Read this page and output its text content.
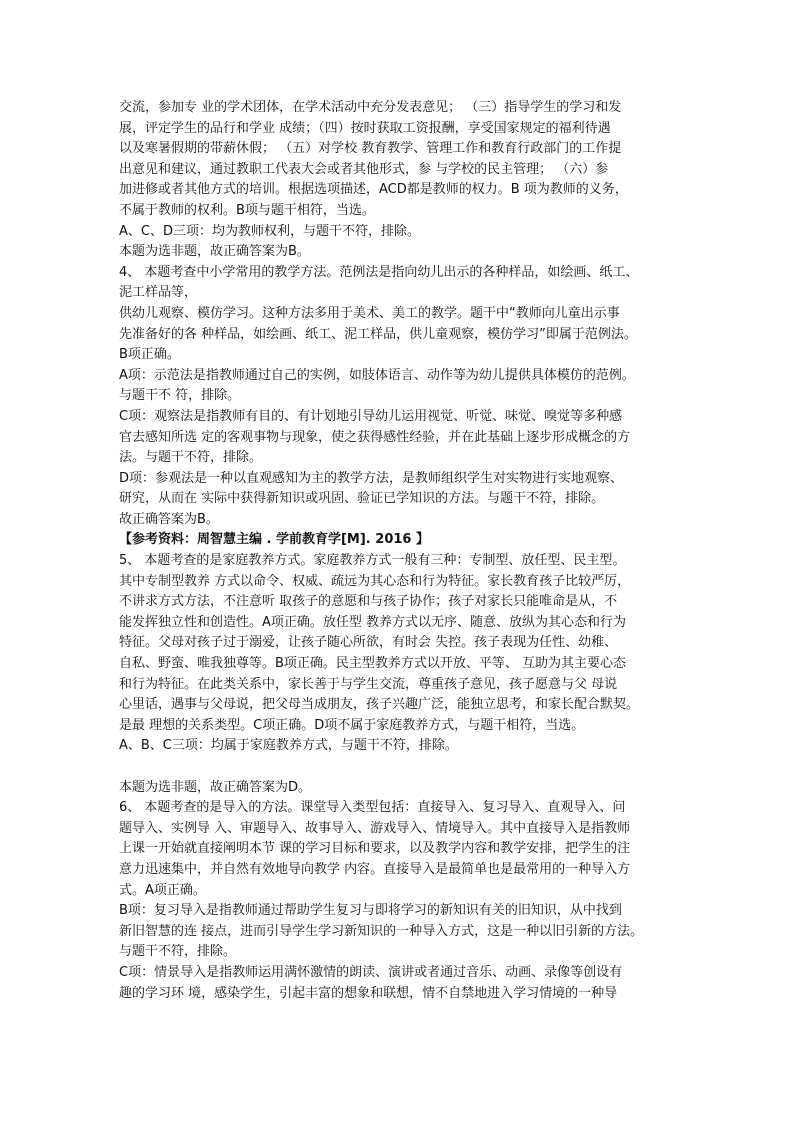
交流，参加专 业的学术团体，在学术活动中充分发表意见； （三）指导学生的学习和发
展，评定学生的品行和学业 成绩；（四）按时获取工资报酬，享受国家规定的福利待遇
以及寒暑假期的带薪休假； （五）对学校 教育教学、管理工作和教育行政部门的工作提
出意见和建议，通过教职工代表大会或者其他形式，参 与学校的民主管理； （六）参
加进修或者其他方式的培训。根据选项描述，ACD都是教师的权力。B 项为教师的义务，
不属于教师的权利。B项与题干相符，当选。
A、C、D三项：均为教师权利，与题干不符，排除。
本题为选非题，故正确答案为B。
4、 本题考查中小学常用的教学方法。范例法是指向幼儿出示的各种样品，如绘画、纸工、
泥工样品等，
供幼儿观察、模仿学习。这种方法多用于美术、美工的教学。题干中“教师向儿童出示事
先准备好的各 种样品，如绘画、纸工、泥工样品，供儿童观察，模仿学习”即属于范例法。
B项正确。
A项：示范法是指教师通过自己的实例，如肢体语言、动作等为幼儿提供具体模仿的范例。
与题干不 符，排除。
C项：观察法是指教师有目的、有计划地引导幼儿运用视觉、听觉、味觉、嗅觉等多种感
官去感知所选 定的客观事物与现象，使之获得感性经验，并在此基础上逐步形成概念的方
法。与题干不符，排除。
D项：参观法是一种以直观感知为主的教学方法，是教师组织学生对实物进行实地观察、
研究，从而在 实际中获得新知识或巩固、验证已学知识的方法。与题干不符，排除。
故正确答案为B。
【参考资料：周智慧主编 . 学前教育学[M]. 2016 】
5、 本题考查的是家庭教养方式。家庭教养方式一般有三种：专制型、放任型、民主型。
其中专制型教养 方式以命令、权威、疏远为其心态和行为特征。家长教育孩子比较严厉，
不讲求方式方法，不注意听 取孩子的意愿和与孩子协作；孩子对家长只能唯命是从，不
能发挥独立性和创造性。A项正确。放任型 教养方式以无序、随意、放纵为其心态和行为
特征。父母对孩子过于溺爱，让孩子随心所欲，有时会 失控。孩子表现为任性、幼稚、
自私、野蛮、唯我独尊等。B项正确。民主型教养方式以开放、平等、 互助为其主要心态
和行为特征。在此类关系中，家长善于与学生交流，尊重孩子意见，孩子愿意与父 母说
心里话，遇事与父母说，把父母当成朋友，孩子兴趣广泛，能独立思考，和家长配合默契。
是最 理想的关系类型。C项正确。D项不属于家庭教养方式，与题干相符，当选。
A、B、C三项：均属于家庭教养方式，与题干不符，排除。
本题为选非题，故正确答案为D。
6、 本题考查的是导入的方法。课堂导入类型包括：直接导入、复习导入、直观导入、问
题导入、实例导 入、审题导入、故事导入、游戏导入、情境导入。其中直接导入是指教师
上课一开始就直接阐明本节 课的学习目标和要求，以及教学内容和教学安排，把学生的注
意力迅速集中，并自然有效地导向教学 内容。直接导入是最简单也是最常用的一种导入方
式。A项正确。
B项：复习导入是指教师通过帮助学生复习与即将学习的新知识有关的旧知识，从中找到
新旧智慧的连 接点，进而引导学生学习新知识的一种导入方式，这是一种以旧引新的方法。
与题干不符，排除。
C项：情景导入是指教师运用满怀激情的朗读、演讲或者通过音乐、动画、录像等创设有
趣的学习环 境，感染学生，引起丰富的想象和联想，情不自禁地进入学习情境的一种导
